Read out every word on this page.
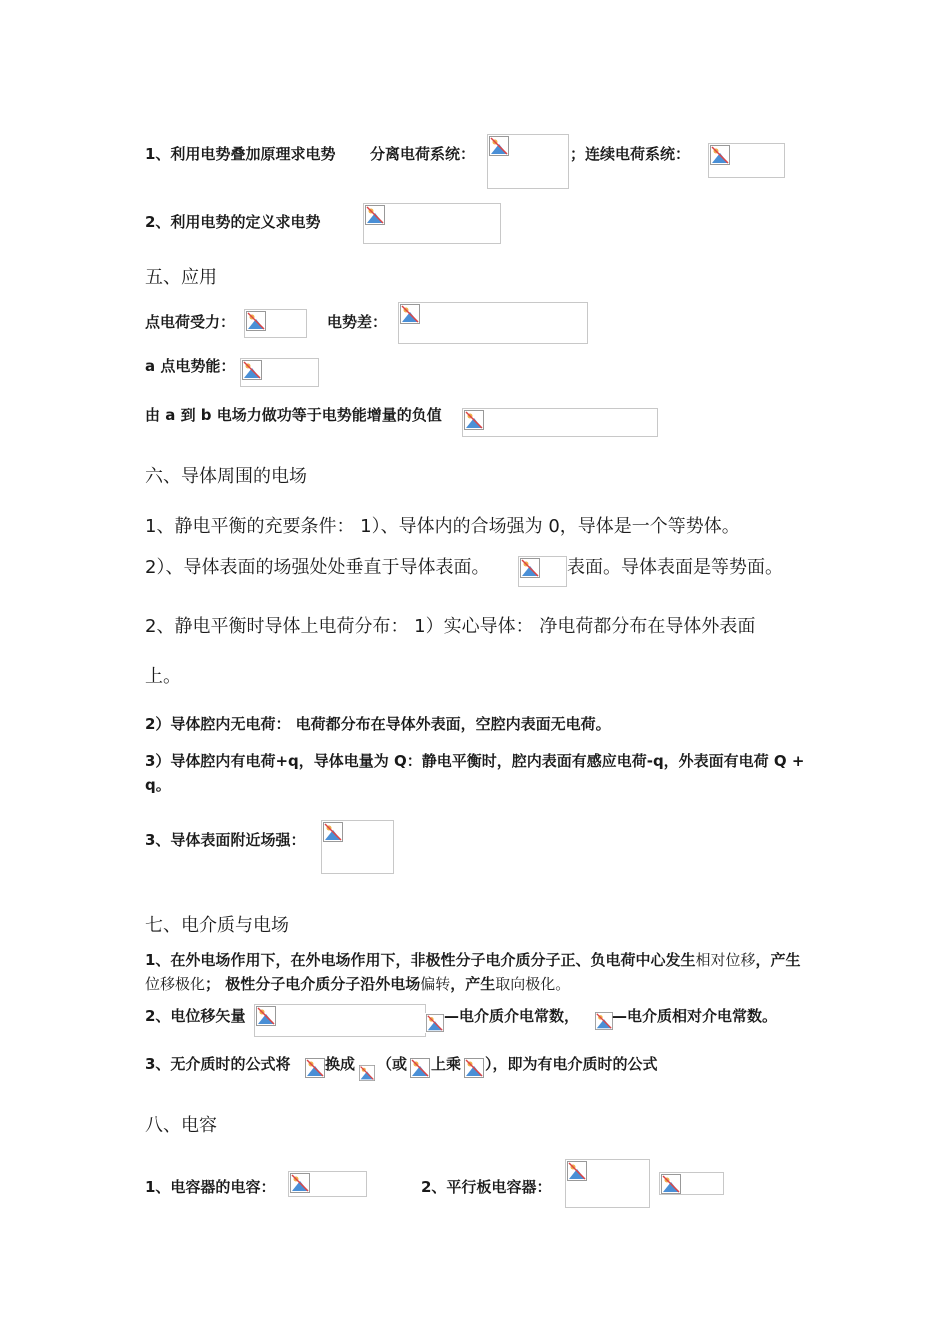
1、利用电势叠加原理求电势 分离电荷系统：	；连续电荷系统：
2、利用电势的定义求电势
五、应用
点电荷受力：	电势差：
a 点电势能：
由 a 到 b 电场力做功等于电势能增量的负值
六、导体周围的电场
1、静电平衡的充要条件： 1）、导体内的合场强为 0，导体是一个等势体。
2）、导体表面的场强处处垂直于导体表面。	表面。导体表面是等势面。
2、静电平衡时导体上电荷分布： 1）实心导体： 净电荷都分布在导体外表面
上。
2）导体腔内无电荷： 电荷都分布在导体外表面，空腔内表面无电荷。
3）导体腔内有电荷+q，导体电量为 Q：静电平衡时，腔内表面有感应电荷-q，外表面有电荷 Q + q。
3、导体表面附近场强：
七、电介质与电场
1、在外电场作用下，在外电场作用下，非极性分子电介质分子正、负电荷中心发生相对位移，产生位移极化； 极性分子电介质分子沿外电场偏转，产生取向极化。
2、电位移矢量	—电介质介电常数， —电介质相对介电常数。
3、无介质时的公式将 换成 （或 上乘 ），即为有电介质时的公式
八、电容
1、电容器的电容：	2、平行板电容器：
